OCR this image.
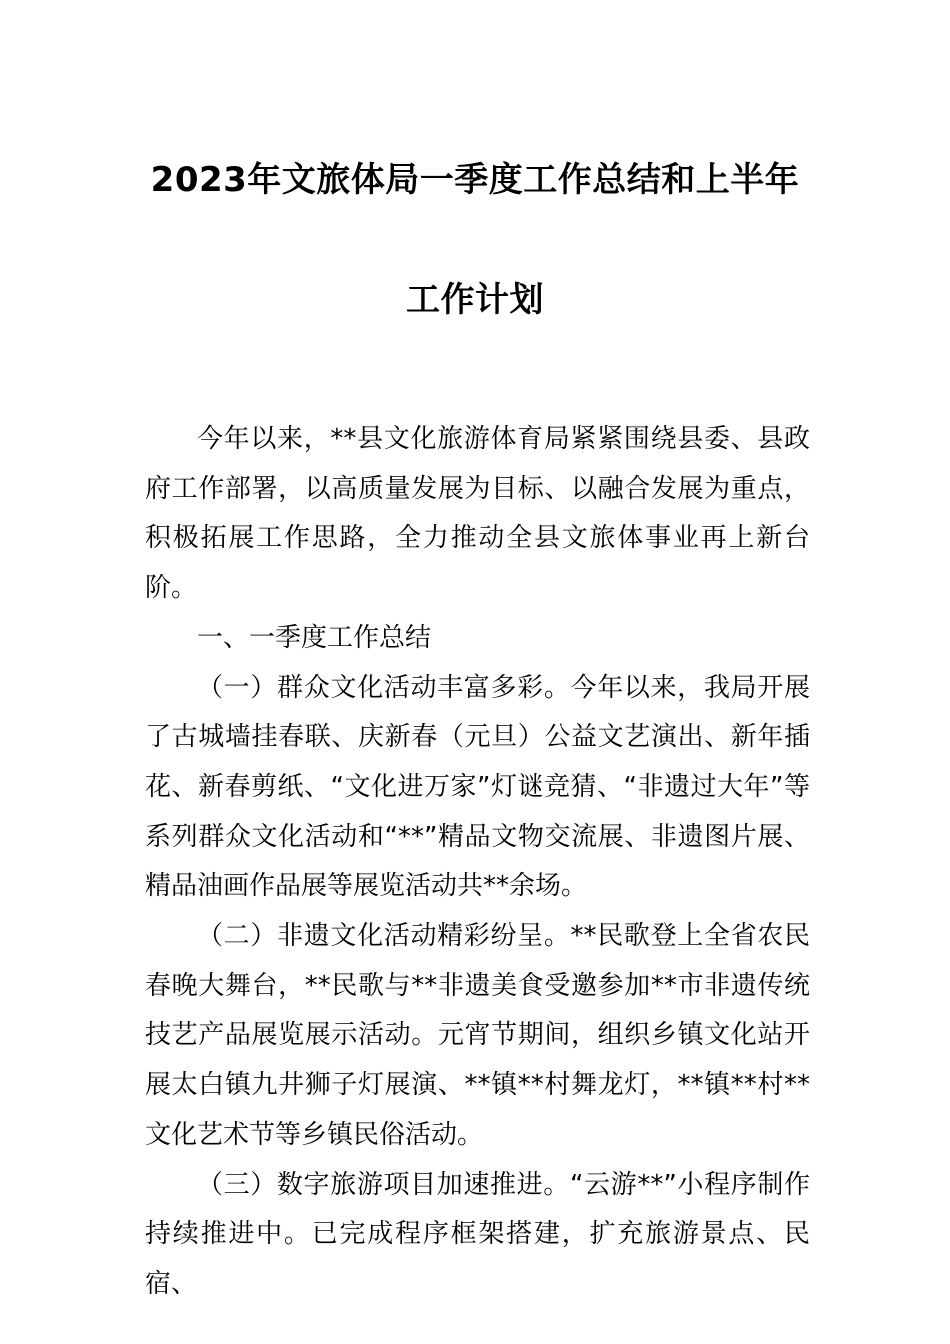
2023年文旅体局一季度工作总结和上半年
工作计划

今年以来，**县文化旅游体育局紧紧围绕县委、县政府工作部署，以高质量发展为目标、以融合发展为重点，积极拓展工作思路，全力推动全县文旅体事业再上新台阶。

一、一季度工作总结

（一）群众文化活动丰富多彩。今年以来，我局开展了古城墙挂春联、庆新春（元旦）公益文艺演出、新年插花、新春剪纸、“文化进万家”灯谜竞猜、“非遗过大年”等系列群众文化活动和“**”精品文物交流展、非遗图片展、精品油画作品展等展览活动共**余场。

（二）非遗文化活动精彩纷呈。**民歌登上全省农民春晚大舞台，**民歌与**非遗美食受邀参加**市非遗传统技艺产品展览展示活动。元宵节期间，组织乡镇文化站开展太白镇九井狮子灯展演、**镇**村舞龙灯，**镇**村**文化艺术节等乡镇民俗活动。

（三）数字旅游项目加速推进。“云游**”小程序制作持续推进中。已完成程序框架搭建，扩充旅游景点、民宿、
